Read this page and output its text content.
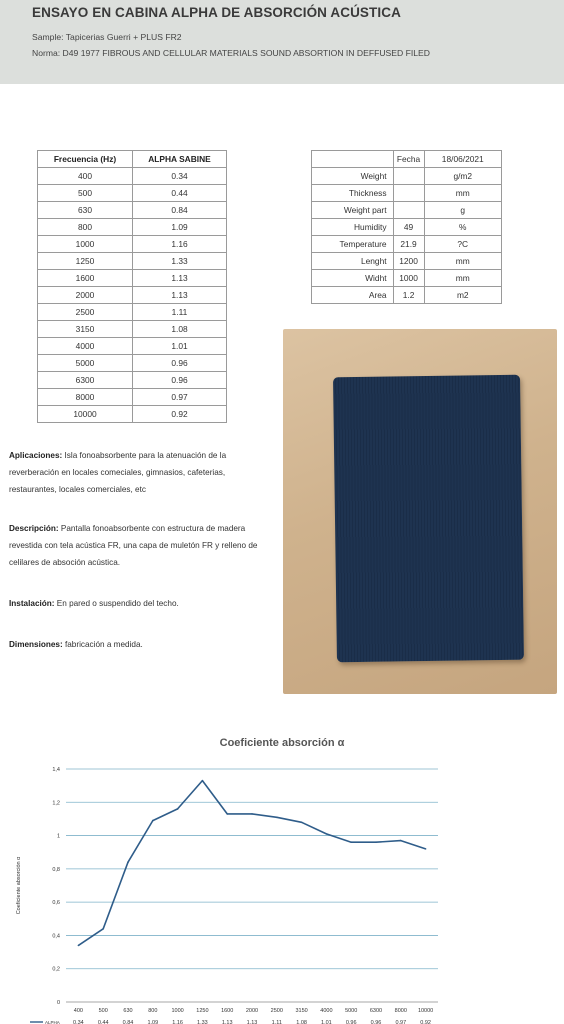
ENSAYO EN CABINA ALPHA DE ABSORCIÓN ACÚSTICA
Sample: Tapicerias Guerri + PLUS FR2
Norma: D49 1977 FIBROUS AND CELLULAR MATERIALS SOUND ABSORTION IN DEFFUSED FILED
Frecuencia (Hz)	ALPHA SABINE
400	0.34
500	0.44
630	0.84
800	1.09
1000	1.16
1250	1.33
1600	1.13
2000	1.13
2500	1.11
3150	1.08
4000	1.01
5000	0.96
6300	0.96
8000	0.97
10000	0.92
	Fecha	18/06/2021
Weight		g/m2
Thickness		mm
Weight part		g
Humidity	49	%
Temperature	21.9	?C
Lenght	1200	mm
Widht	1000	mm
Area	1.2	m2
Aplicaciones: Isla fonoabsorbente para la atenuación de la reverberación en locales comeciales, gimnasios, cafeterias, restaurantes, locales comerciales, etc
Descripción: Pantalla fonoabsorbente con estructura de madera revestida con tela acústica FR, una capa de muletón FR y relleno de celilares de absoción acústica.
Instalación: En pared o suspendido del techo.
Dimensiones: fabricación a medida.
Coeficiente absorción α
0
0,2
0,4
0,6
0,8
1
1,2
1,4
Coeficiente absorción α
400	500	630	800	1000 1250 1600 2000 2500 3150 4000 5000 6300 8000 10000
ALPHA 0,34	0,44	0,84	1,09	1,16	1,33	1,13	1,13	1,11	1,08	1,01	0,96	0,96	0,97	0,92
